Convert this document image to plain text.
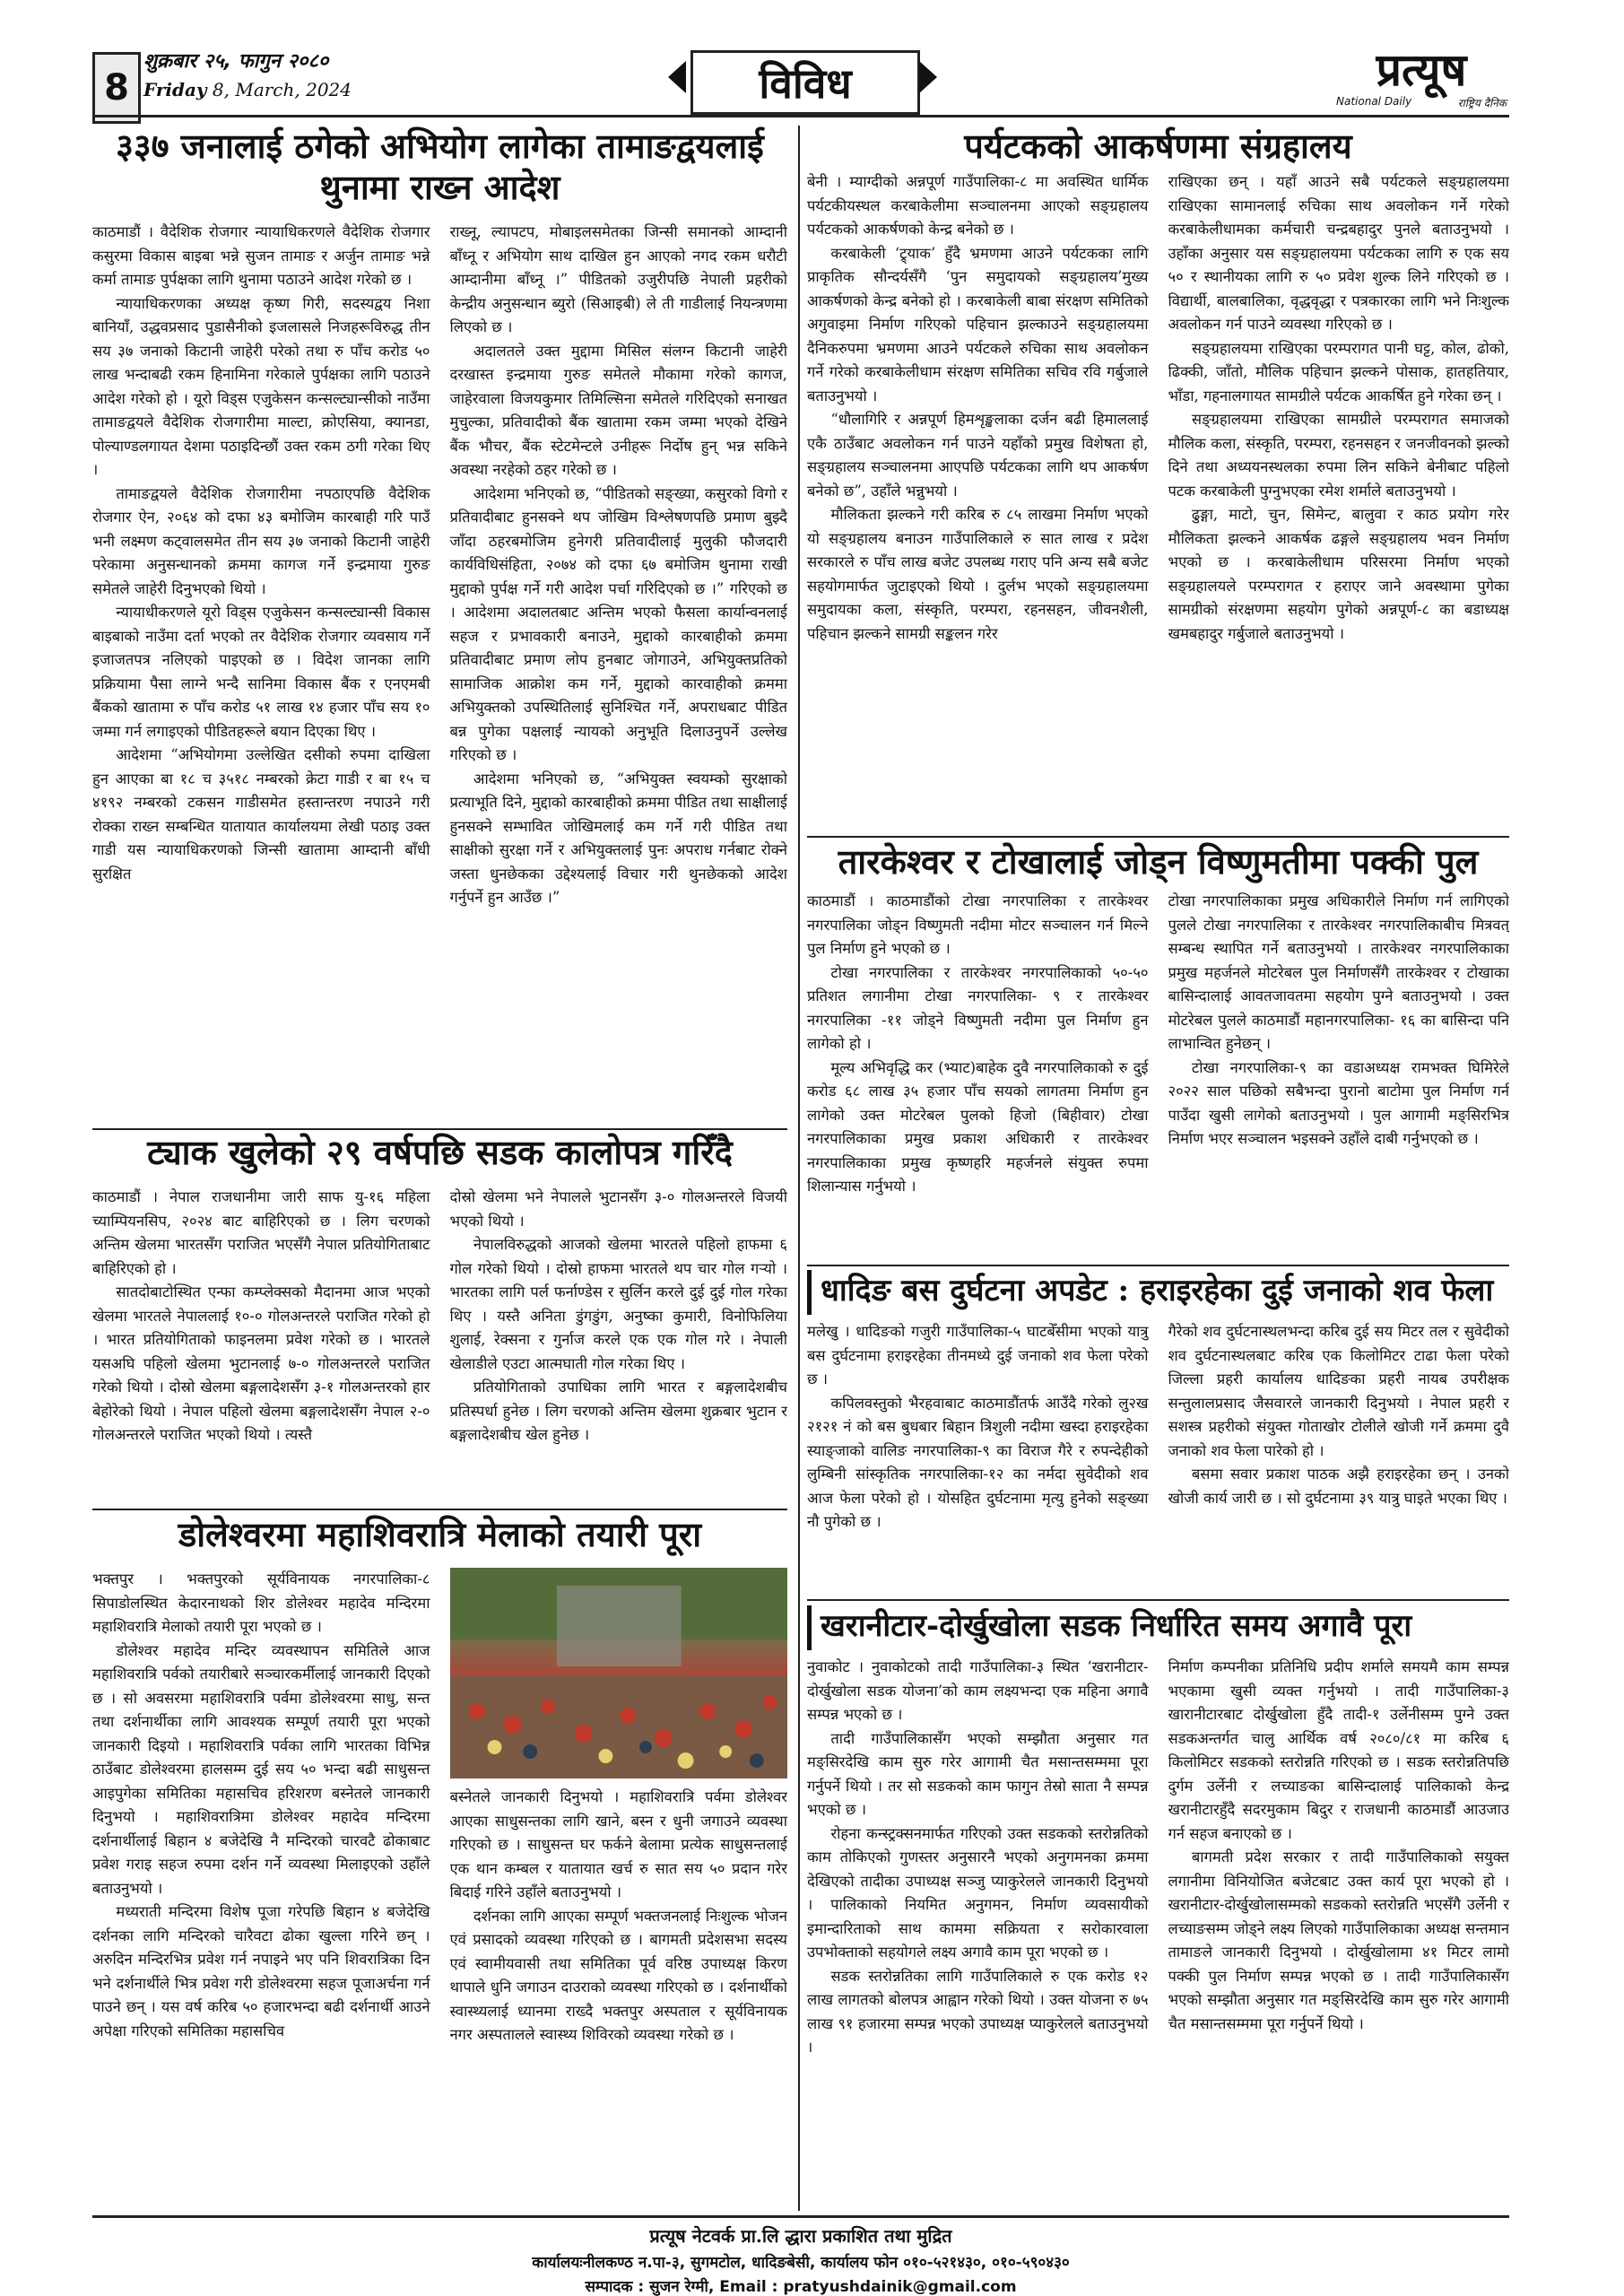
8
शुक्रबार २५, फागुन २०८०
Friday 8, March, 2024	विविध	प्रत्यूष
National Daily	राष्ट्रिय दैनिक
३३७ जनालाई ठगेको अभियोग लागेका तामाङद्वयलाई थुनामा राख्न आदेश

काठमाडौं । वैदेशिक रोजगार न्यायाधिकरणले वैदेशिक रोजगार कसुरमा विकास बाइबा भन्ने सुजन तामाङ र अर्जुन तामाङ भन्ने कर्मा तामाङ पुर्पक्षका लागि थुनामा पठाउने आदेश गरेको छ ।

न्यायाधिकरणका अध्यक्ष कृष्ण गिरी, सदस्यद्वय निशा बानियाँ, उद्धवप्रसाद पुडासैनीको इजलासले निजहरूविरुद्ध तीन सय ३७ जनाको किटानी जाहेरी परेको तथा रु पाँच करोड ५० लाख भन्दाबढी रकम हिनामिना गरेकाले पुर्पक्षका लागि पठाउने आदेश गरेको हो । यूरो विड्स एजुकेसन कन्सल्ट्यान्सीको नाउँमा तामाङद्वयले वैदेशिक रोजगारीमा माल्टा, क्रोएसिया, क्यानडा, पोल्याण्डलगायत देशमा पठाइदिन्छौं उक्त रकम ठगी गरेका थिए ।

तामाङद्वयले वैदेशिक रोजगारीमा नपठाएपछि वैदेशिक रोजगार ऐन, २०६४ को दफा ४३ बमोजिम कारबाही गरि पाउँ भनी लक्ष्मण कट्वालसमेत तीन सय ३७ जनाको किटानी जाहेरी परेकामा अनुसन्धानको क्रममा कागज गर्ने इन्द्रमाया गुरुङ समेतले जाहेरी दिनुभएको थियो ।

न्यायाधीकरणले यूरो विड्स एजुकेसन कन्सल्ट्यान्सी विकास बाइबाको नाउँमा दर्ता भएको तर वैदेशिक रोजगार व्यवसाय गर्ने इजाजतपत्र नलिएको पाइएको छ । विदेश जानका लागि प्रक्रियामा पैसा लाग्ने भन्दै सानिमा विकास बैंक र एनएमबी बैंकको खातामा रु पाँच करोड ५१ लाख १४ हजार पाँच सय १० जम्मा गर्न लगाइएको पीडितहरूले बयान दिएका थिए ।

आदेशमा “अभियोगमा उल्लेखित दसीको रुपमा दाखिला हुन आएका बा १८ च ३५१८ नम्बरको क्रेटा गाडी र बा १५ च ४१९२ नम्बरको टकसन गाडीसमेत हस्तान्तरण नपाउने गरी रोक्का राख्न सम्बन्धित यातायात कार्यालयमा लेखी पठाइ उक्त गाडी यस न्यायाधिकरणको जिन्सी खातामा आम्दानी बाँधी सुरक्षित

राख्नू, ल्यापटप, मोबाइलसमेतका जिन्सी समानको आम्दानी बाँध्नू र अभियोग साथ दाखिल हुन आएको नगद रकम धरौटी आम्दानीमा बाँध्नू ।” पीडितको उजुरीपछि नेपाली प्रहरीको केन्द्रीय अनुसन्धान ब्युरो (सिआइबी) ले ती गाडीलाई नियन्त्रणमा लिएको छ ।

अदालतले उक्त मुद्दामा मिसिल संलग्न किटानी जाहेरी दरखास्त इन्द्रमाया गुरुङ समेतले मौकामा गरेको कागज, जाहेरवाला विजयकुमार तिमिल्सिना समेतले गरिदिएको सनाखत मुचुल्का, प्रतिवादीको बैंक खातामा रकम जम्मा भएको देखिने बैंक भौचर, बैंक स्टेटमेन्टले उनीहरू निर्दोष हुन् भन्न सकिने अवस्था नरहेको ठहर गरेको छ ।

आदेशमा भनिएको छ, “पीडितको सङ्ख्या, कसुरको विगो र प्रतिवादीबाट हुनसक्ने थप जोखिम विश्लेषणपछि प्रमाण बुझ्दै जाँदा ठहरबमोजिम हुनेगरी प्रतिवादीलाई मुलुकी फौजदारी कार्यविधिसंहिता, २०७४ को दफा ६७ बमोजिम थुनामा राखी मुद्दाको पुर्पक्ष गर्ने गरी आदेश पर्चा गरिदिएको छ ।” गरिएको छ । आदेशमा अदालतबाट अन्तिम भएको फैसला कार्यान्वनलाई सहज र प्रभावकारी बनाउने, मुद्दाको कारबाहीको क्रममा प्रतिवादीबाट प्रमाण लोप हुनबाट जोगाउने, अभियुक्तप्रतिको सामाजिक आक्रोश कम गर्ने, मुद्दाको कारवाहीको क्रममा अभियुक्तको उपस्थितिलाई सुनिश्चित गर्ने, अपराधबाट पीडित बन्न पुगेका पक्षलाई न्यायको अनुभूति दिलाउनुपर्ने उल्लेख गरिएको छ ।

आदेशमा भनिएको छ, “अभियुक्त स्वयम्को सुरक्षाको प्रत्याभूति दिने, मुद्दाको कारबाहीको क्रममा पीडित तथा साक्षीलाई हुनसक्ने सम्भावित जोखिमलाई कम गर्ने गरी पीडित तथा साक्षीको सुरक्षा गर्ने र अभियुक्तलाई पुनः अपराध गर्नबाट रोक्ने जस्ता धुनछेकका उद्देश्यलाई विचार गरी थुनछेकको आदेश गर्नुपर्ने हुन आउँछ ।”

ट्याक खुलेको २९ वर्षपछि सडक कालोपत्र गरिँदै

काठमाडौं । नेपाल राजधानीमा जारी साफ यु-१६ महिला च्याम्पियनसिप, २०२४ बाट बाहिरिएको छ । लिग चरणको अन्तिम खेलमा भारतसँग पराजित भएसँगै नेपाल प्रतियोगिताबाट बाहिरिएको हो ।

सातदोबाटोस्थित एन्फा कम्प्लेक्सको मैदानमा आज भएको खेलमा भारतले नेपाललाई १०-० गोलअन्तरले पराजित गरेको हो । भारत प्रतियोगिताको फाइनलमा प्रवेश गरेको छ । भारतले यसअघि पहिलो खेलमा भुटानलाई ७-० गोलअन्तरले पराजित गरेको थियो । दोस्रो खेलमा बङ्गलादेशसँग ३-१ गोलअन्तरको हार बेहोरेको थियो । नेपाल पहिलो खेलमा बङ्गलादेशसँग नेपाल २-० गोलअन्तरले पराजित भएको थियो । त्यस्तै

दोस्रो खेलमा भने नेपालले भुटानसँग ३-० गोलअन्तरले विजयी भएको थियो ।

नेपालविरुद्धको आजको खेलमा भारतले पहिलो हाफमा ६ गोल गरेको थियो । दोस्रो हाफमा भारतले थप चार गोल गऱ्यो । भारतका लागि पर्ल फर्नाण्डेस र सुर्लिन करले दुई दुई गोल गरेका थिए । यस्तै अनिता डुंगडुंग, अनुष्का कुमारी, विनोफिलिया शुलाई, रेक्सना र गुर्नाज करले एक एक गोल गरे । नेपाली खेलाडीले एउटा आत्मघाती गोल गरेका थिए ।

प्रतियोगिताको उपाधिका लागि भारत र बङ्गलादेशबीच प्रतिस्पर्धा हुनेछ । लिग चरणको अन्तिम खेलमा शुक्रबार भुटान र बङ्गलादेशबीच खेल हुनेछ ।

डोलेश्वरमा महाशिवरात्रि मेलाको तयारी पूरा

भक्तपुर । भक्तपुरको सूर्यविनायक नगरपालिका-८ सिपाडोलस्थित केदारनाथको शिर डोलेश्वर महादेव मन्दिरमा महाशिवरात्रि मेलाको तयारी पूरा भएको छ ।

डोलेश्वर महादेव मन्दिर व्यवस्थापन समितिले आज महाशिवरात्रि पर्वको तयारीबारे सञ्चारकर्मीलाई जानकारी दिएको छ । सो अवसरमा महाशिवरात्रि पर्वमा डोलेश्वरमा साधु, सन्त तथा दर्शनार्थीका लागि आवश्यक सम्पूर्ण तयारी पूरा भएको जानकारी दिइयो । महाशिवरात्रि पर्वका लागि भारतका विभिन्न ठाउँबाट डोलेश्वरमा हालसम्म दुई सय ५० भन्दा बढी साधुसन्त आइपुगेका समितिका महासचिव हरिशरण बस्नेतले जानकारी दिनुभयो । महाशिवरात्रिमा डोलेश्वर महादेव मन्दिरमा दर्शनार्थीलाई बिहान ४ बजेदेखि नै मन्दिरको चारवटै ढोकाबाट प्रवेश गराइ सहज रुपमा दर्शन गर्ने व्यवस्था मिलाइएको उहाँले बताउनुभयो ।

मध्यराती मन्दिरमा विशेष पूजा गरेपछि बिहान ४ बजेदेखि दर्शनका लागि मन्दिरको चारैवटा ढोका खुल्ला गरिने छन् । अरुदिन मन्दिरभित्र प्रवेश गर्न नपाइने भए पनि शिवरात्रिका दिन भने दर्शनार्थीले भित्र प्रवेश गरी डोलेश्वरमा सहज पूजाअर्चना गर्न पाउने छन् । यस वर्ष करिब ५० हजारभन्दा बढी दर्शनार्थी आउने अपेक्षा गरिएको समितिका महासचिव

बस्नेतले जानकारी दिनुभयो । महाशिवरात्रि पर्वमा डोलेश्वर आएका साधुसन्तका लागि खाने, बस्न र धुनी जगाउने व्यवस्था गरिएको छ । साधुसन्त घर फर्कने बेलामा प्रत्येक साधुसन्तलाई एक थान कम्बल र यातायात खर्च रु सात सय ५० प्रदान गरेर बिदाई गरिने उहाँले बताउनुभयो ।

दर्शनका लागि आएका सम्पूर्ण भक्तजनलाई निःशुल्क भोजन एवं प्रसादको व्यवस्था गरिएको छ । बागमती प्रदेशसभा सदस्य एवं स्वामीयवासी तथा समितिका पूर्व वरिष्ठ उपाध्यक्ष किरण थापाले धुनि जगाउन दाउराको व्यवस्था गरिएको छ । दर्शनार्थीको स्वास्थ्यलाई ध्यानमा राख्दै भक्तपुर अस्पताल र सूर्यविनायक नगर अस्पतालले स्वास्थ्य शिविरको व्यवस्था गरेको छ ।

पर्यटकको आकर्षणमा संग्रहालय

बेनी । म्याग्दीको अन्नपूर्ण गाउँपालिका-८ मा अवस्थित धार्मिक पर्यटकीयस्थल करबाकेलीमा सञ्चालनमा आएको सङ्ग्रहालय पर्यटकको आकर्षणको केन्द्र बनेको छ ।

करबाकेली ‘ट्र्याक’ हुँदै भ्रमणमा आउने पर्यटकका लागि प्राकृतिक सौन्दर्यसँगै ‘पुन समुदायको सङ्ग्रहालय’मुख्य आकर्षणको केन्द्र बनेको हो । करबाकेली बाबा संरक्षण समितिको अगुवाइमा निर्माण गरिएको पहिचान झल्काउने सङ्ग्रहालयमा दैनिकरुपमा भ्रमणमा आउने पर्यटकले रुचिका साथ अवलोकन गर्ने गरेको करबाकेलीधाम संरक्षण समितिका सचिव रवि गर्बुजाले बताउनुभयो ।

“धौलागिरि र अन्नपूर्ण हिमशृङ्खलाका दर्जन बढी हिमाललाई एकै ठाउँबाट अवलोकन गर्न पाउने यहाँको प्रमुख विशेषता हो, सङ्ग्रहालय सञ्चालनमा आएपछि पर्यटकका लागि थप आकर्षण बनेको छ”, उहाँले भन्नुभयो ।

मौलिकता झल्कने गरी करिब रु ८५ लाखमा निर्माण भएको यो सङ्ग्रहालय बनाउन गाउँपालिकाले रु सात लाख र प्रदेश सरकारले रु पाँच लाख बजेट उपलब्ध गराए पनि अन्य सबै बजेट सहयोगमार्फत जुटाइएको थियो । दुर्लभ भएको सङ्ग्रहालयमा समुदायका कला, संस्कृति, परम्परा, रहनसहन, जीवनशैली, पहिचान झल्कने सामग्री सङ्कलन गरेर

राखिएका छन् । यहाँ आउने सबै पर्यटकले सङ्ग्रहालयमा राखिएका सामानलाई रुचिका साथ अवलोकन गर्ने गरेको करबाकेलीधामका कर्मचारी चन्द्रबहादुर पुनले बताउनुभयो । उहाँका अनुसार यस सङ्ग्रहालयमा पर्यटकका लागि रु एक सय ५० र स्थानीयका लागि रु ५० प्रवेश शुल्क लिने गरिएको छ । विद्यार्थी, बालबालिका, वृद्धवृद्धा र पत्रकारका लागि भने निःशुल्क अवलोकन गर्न पाउने व्यवस्था गरिएको छ ।

सङ्ग्रहालयमा राखिएका परम्परागत पानी घट्ट, कोल, ढोको, ढिक्की, जाँतो, मौलिक पहिचान झल्कने पोसाक, हातहतियार, भाँडा, गहनालगायत सामग्रीले पर्यटक आकर्षित हुने गरेका छन् ।

सङ्ग्रहालयमा राखिएका सामग्रीले परम्परागत समाजको मौलिक कला, संस्कृति, परम्परा, रहनसहन र जनजीवनको झल्को दिने तथा अध्ययनस्थलका रुपमा लिन सकिने बेनीबाट पहिलो पटक करबाकेली पुग्नुभएका रमेश शर्माले बताउनुभयो ।

ढुङ्गा, माटो, चुन, सिमेन्ट, बालुवा र काठ प्रयोग गरेर मौलिकता झल्कने आकर्षक ढङ्गले सङ्ग्रहालय भवन निर्माण भएको छ । करबाकेलीधाम परिसरमा निर्माण भएको सङ्ग्रहालयले परम्परागत र हराएर जाने अवस्थामा पुगेका सामग्रीको संरक्षणमा सहयोग पुगेको अन्नपूर्ण-८ का बडाध्यक्ष खमबहादुर गर्बुजाले बताउनुभयो ।

तारकेश्वर र टोखालाई जोड्न विष्णुमतीमा पक्की पुल

काठमाडौं । काठमाडौंको टोखा नगरपालिका र तारकेश्वर नगरपालिका जोड्न विष्णुमती नदीमा मोटर सञ्चालन गर्न मिल्ने पुल निर्माण हुने भएको छ ।

टोखा नगरपालिका र तारकेश्वर नगरपालिकाको ५०-५० प्रतिशत लगानीमा टोखा नगरपालिका- ९ र तारकेश्वर नगरपालिका -११ जोड्ने विष्णुमती नदीमा पुल निर्माण हुन लागेको हो ।

मूल्य अभिवृद्धि कर (भ्याट)बाहेक दुवै नगरपालिकाको रु दुई करोड ६८ लाख ३५ हजार पाँच सयको लागतमा निर्माण हुन लागेको उक्त मोटरेबल पुलको हिजो (बिहीवार) टोखा नगरपालिकाका प्रमुख प्रकाश अधिकारी र तारकेश्वर नगरपालिकाका प्रमुख कृष्णहरि महर्जनले संयुक्त रुपमा शिलान्यास गर्नुभयो ।

टोखा नगरपालिकाका प्रमुख अधिकारीले निर्माण गर्न लागिएको पुलले टोखा नगरपालिका र तारकेश्वर नगरपालिकाबीच मित्रवत् सम्बन्ध स्थापित गर्ने बताउनुभयो । तारकेश्वर नगरपालिकाका प्रमुख महर्जनले मोटरेबल पुल निर्माणसँगै तारकेश्वर र टोखाका बासिन्दालाई आवतजावतमा सहयोग पुग्ने बताउनुभयो । उक्त मोटरेबल पुलले काठमाडौं महानगरपालिका- १६ का बासिन्दा पनि लाभान्वित हुनेछन् ।

टोखा नगरपालिका-९ का वडाअध्यक्ष रामभक्त घिमिरेले २०२२ साल पछिको सबैभन्दा पुरानो बाटोमा पुल निर्माण गर्न पाउँदा खुसी लागेको बताउनुभयो । पुल आगामी मङ्सिरभित्र निर्माण भएर सञ्चालन भइसक्ने उहाँले दाबी गर्नुभएको छ ।

धादिङ बस दुर्घटना अपडेट : हराइरहेका दुई जनाको शव फेला

मलेखु । धादिङको गजुरी गाउँपालिका-५ घाटबेँसीमा भएको यात्रु बस दुर्घटनामा हराइरहेका तीनमध्ये दुई जनाको शव फेला परेको छ ।

कपिलवस्तुको भैरहवाबाट काठमाडौंतर्फ आउँदै गरेको लु२ख २१२१ नं को बस बुधबार बिहान त्रिशुली नदीमा खस्दा हराइरहेका स्याङ्जाको वालिङ नगरपालिका-९ का विराज गैरे र रुपन्देहीको लुम्बिनी सांस्कृतिक नगरपालिका-१२ का नर्मदा सुवेदीको शव आज फेला परेको हो । योसहित दुर्घटनामा मृत्यु हुनेको सङ्ख्या नौ पुगेको छ ।

गैरेको शव दुर्घटनास्थलभन्दा करिब दुई सय मिटर तल र सुवेदीको शव दुर्घटनास्थलबाट करिब एक किलोमिटर टाढा फेला परेको जिल्ला प्रहरी कार्यालय धादिङका प्रहरी नायब उपरीक्षक सन्तुलालप्रसाद जैसवारले जानकारी दिनुभयो । नेपाल प्रहरी र सशस्त्र प्रहरीको संयुक्त गोताखोर टोलीले खोजी गर्ने क्रममा दुवै जनाको शव फेला पारेको हो ।

बसमा सवार प्रकाश पाठक अझै हराइरहेका छन् । उनको खोजी कार्य जारी छ । सो दुर्घटनामा ३९ यात्रु घाइते भएका थिए ।

खरानीटार-दोर्खुखोला सडक निर्धारित समय अगावै पूरा

नुवाकोट । नुवाकोटको तादी गाउँपालिका-३ स्थित ‘खरानीटार-दोर्खुखोला सडक योजना’को काम लक्ष्यभन्दा एक महिना अगावै सम्पन्न भएको छ ।

तादी गाउँपालिकासँग भएको सम्झौता अनुसार गत मङ्सिरदेखि काम सुरु गरेर आगामी चैत मसान्तसम्ममा पूरा गर्नुपर्ने थियो । तर सो सडकको काम फागुन तेस्रो साता नै सम्पन्न भएको छ ।

रोहना कन्स्ट्रक्सनमार्फत गरिएको उक्त सडकको स्तरोन्नतिको काम तोकिएको गुणस्तर अनुसारनै भएको अनुगमनका क्रममा देखिएको तादीका उपाध्यक्ष सञ्जु प्याकुरेलले जानकारी दिनुभयो । पालिकाको नियमित अनुगमन, निर्माण व्यवसायीको इमान्दारिताको साथ काममा सक्रियता र सरोकारवाला उपभोक्ताको सहयोगले लक्ष्य अगावै काम पूरा भएको छ ।

सडक स्तरोन्नतिका लागि गाउँपालिकाले रु एक करोड १२ लाख लागतको बोलपत्र आह्वान गरेको थियो । उक्त योजना रु ७५ लाख ९१ हजारमा सम्पन्न भएको उपाध्यक्ष प्याकुरेलले बताउनुभयो ।

निर्माण कम्पनीका प्रतिनिधि प्रदीप शर्माले समयमै काम सम्पन्न भएकामा खुसी व्यक्त गर्नुभयो । तादी गाउँपालिका-३ खारानीटारबाट दोर्खुखोला हुँदै तादी-१ उर्लेनीसम्म पुग्ने उक्त सडकअन्तर्गत चालु आर्थिक वर्ष २०८०/८१ मा करिब ६ किलोमिटर सडकको स्तरोन्नति गरिएको छ । सडक स्तरोन्नतिपछि दुर्गम उर्लेनी र लच्याङका बासिन्दालाई पालिकाको केन्द्र खरानीटारहुँदै सदरमुकाम बिदुर र राजधानी काठमाडौं आउजाउ गर्न सहज बनाएको छ ।

बागमती प्रदेश सरकार र तादी गाउँपालिकाको सयुक्त लगानीमा विनियोजित बजेटबाट उक्त कार्य पूरा भएको हो । खरानीटार-दोर्खुखोलासम्मको सडकको स्तरोन्नति भएसँगै उर्लेनी र लच्याङसम्म जोड्ने लक्ष्य लिएको गाउँपालिकाका अध्यक्ष सन्तमान तामाङले जानकारी दिनुभयो । दोर्खुखोलामा ४१ मिटर लामो पक्की पुल निर्माण सम्पन्न भएको छ । तादी गाउँपालिकासँग भएको सम्झौता अनुसार गत मङ्सिरदेखि काम सुरु गरेर आगामी चैत मसान्तसम्ममा पूरा गर्नुपर्ने थियो ।

प्रत्यूष नेटवर्क प्रा.लि द्धारा प्रकाशित तथा मुद्रित
कार्यालयःनीलकण्ठ न.पा-३, सुगमटोल, धादिङबेसी, कार्यालय फोन ०१०-५२१४३०, ०१०-५९०४३०
सम्पादक : सुजन रेग्मी, Email : pratyushdainik@gmail.com
